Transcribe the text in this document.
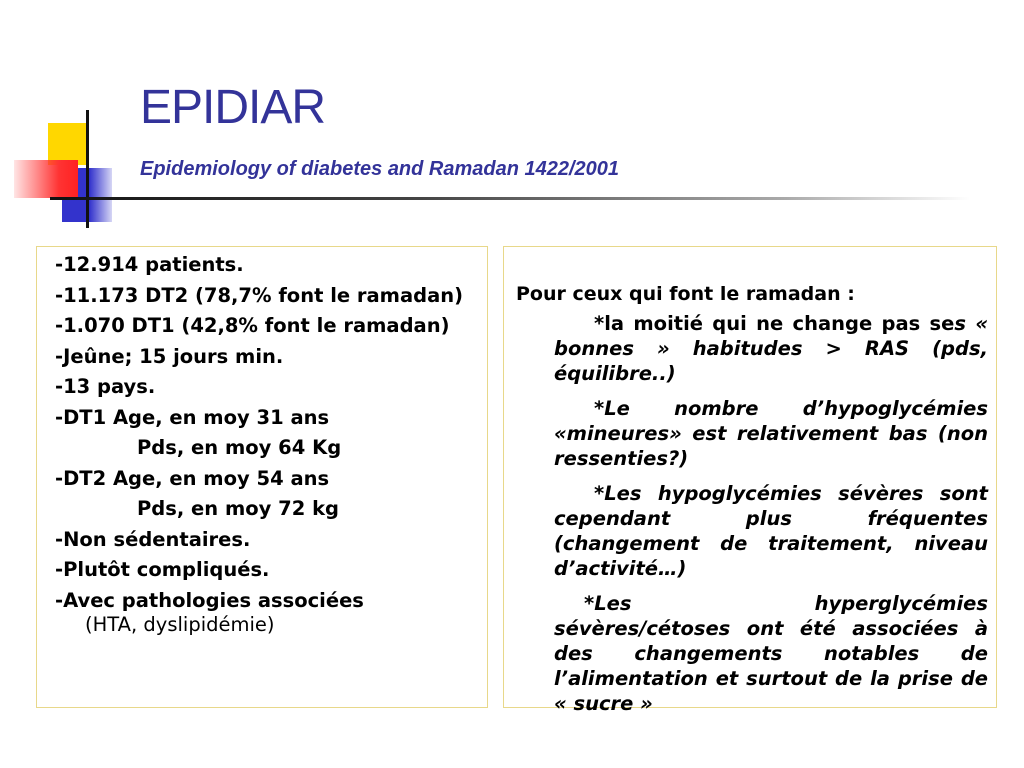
EPIDIAR
Epidemiology of diabetes and Ramadan 1422/2001
-12.914 patients.
-11.173 DT2 (78,7% font le ramadan)
-1.070 DT1 (42,8% font le ramadan)
-Jeûne; 15 jours min.
-13 pays.
-DT1 Age, en moy 31 ans
Pds, en moy 64 Kg
-DT2 Age, en moy 54 ans
Pds, en moy 72 kg
-Non sédentaires.
-Plutôt compliqués.
-Avec pathologies associées
(HTA, dyslipidémie)

Pour ceux qui font le ramadan :

*la moitié qui ne change pas ses « bonnes » habitudes > RAS (pds, équilibre..)

*Le nombre d’hypoglycémies «mineures» est relativement bas (non ressenties?)

*Les hypoglycémies sévères sont cependant plus fréquentes (changement de traitement, niveau d’activité…)

*Les hyperglycémies sévères/cétoses ont été associées à des changements notables de l’alimentation et surtout de la prise de « sucre »
